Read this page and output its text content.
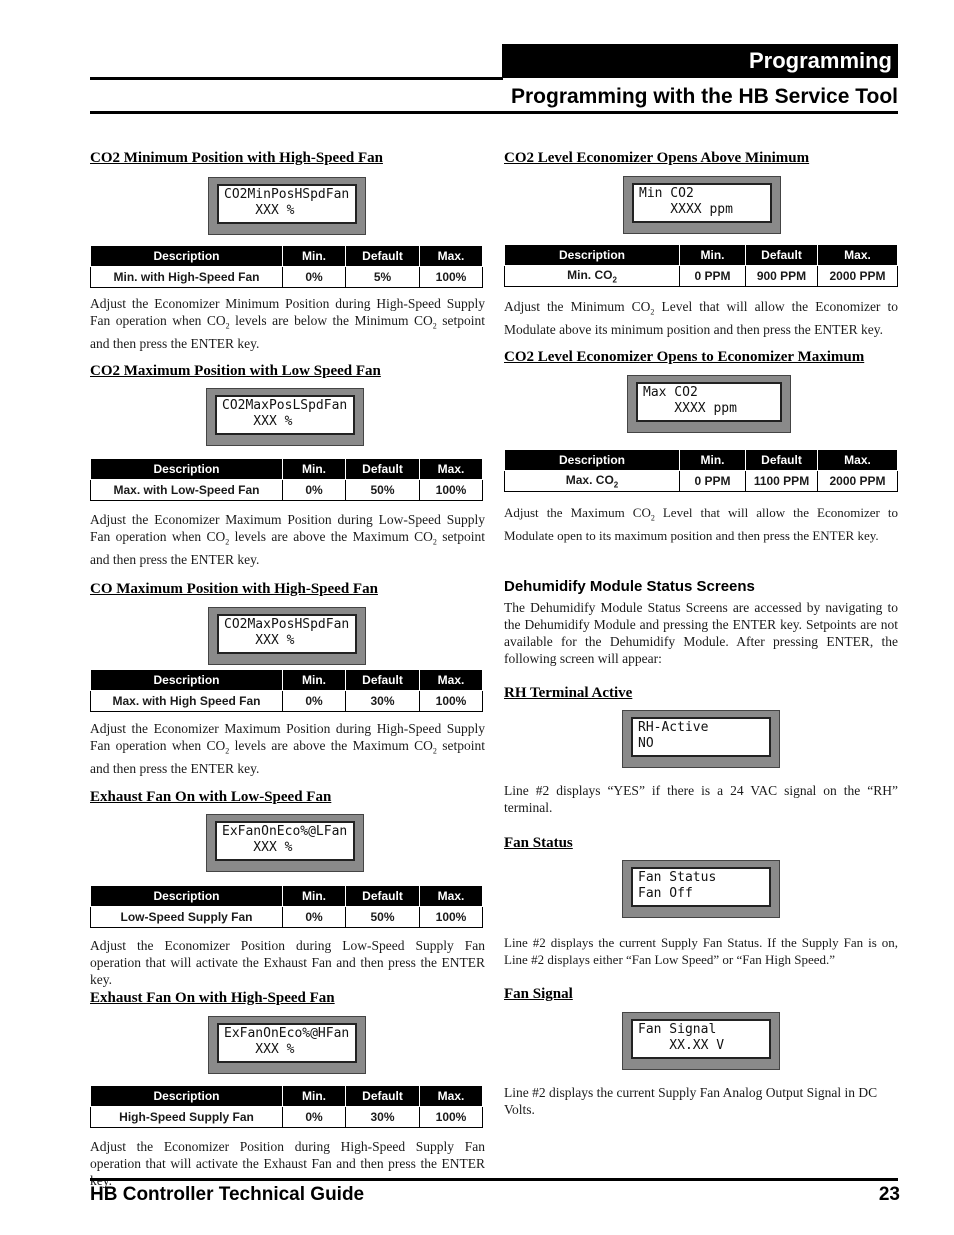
Programming
Programming with the HB Service Tool
CO2 Minimum Position with High-Speed Fan
CO2MinPosHSpdFan
XXX %
Description	Min.	Default	Max.
Min. with High-Speed Fan	0%	5%	100%
Adjust the Economizer Minimum Position during High-Speed Supply Fan operation when $CO_2$ levels are below the Minimum $CO_2$ setpoint and then press the ENTER key.
CO2 Maximum Position with Low Speed Fan
CO2MaxPosLSpdFan
XXX %
Description	Min.	Default	Max.
Max. with Low-Speed Fan	0%	50%	100%
Adjust the Economizer Maximum Position during Low-Speed Supply Fan operation when $CO_2$ levels are above the Maximum $CO_2$ setpoint and then press the ENTER key.
CO Maximum Position with High-Speed Fan
CO2MaxPosHSpdFan
XXX %
Description	Min.	Default	Max.
Max. with High Speed Fan	0%	30%	100%
Adjust the Economizer Maximum Position during High-Speed Supply Fan operation when $CO_2$ levels are above the Maximum $CO_2$ setpoint and then press the ENTER key.
Exhaust Fan On with Low-Speed Fan
ExFanOnEco%@LFan
XXX %
Description	Min.	Default	Max.
Low-Speed Supply Fan	0%	50%	100%
Adjust the Economizer Position during Low-Speed Supply Fan operation that will activate the Exhaust Fan and then press the ENTER key.
Exhaust Fan On with High-Speed Fan
ExFanOnEco%@HFan
XXX %
Description	Min.	Default	Max.
High-Speed Supply Fan	0%	30%	100%
Adjust the Economizer Position during High-Speed Supply Fan operation that will activate the Exhaust Fan and then press the ENTER
CO2 Level Economizer Opens Above Minimum
Min CO2
XXXX ppm
Description	Min.	Default	Max.
Min. $CO_2$	0 PPM	900 PPM	2000 PPM
Adjust the Minimum $CO_2$ Level that will allow the Economizer to Modulate above its minimum position and then press the ENTER key.
CO2 Level Economizer Opens to Economizer Maximum
Max CO2
XXXX ppm
Description	Min.	Default	Max.
Max. $CO_2$	0 PPM	1100 PPM	2000 PPM
Adjust the Maximum $CO_2$ Level that will allow the Economizer to Modulate open to its maximum position and then press the ENTER key.
Dehumidify Module Status Screens
The Dehumidify Module Status Screens are accessed by navigating to the Dehumidify Module and pressing the ENTER key. Setpoints are not available for the Dehumidify Module. After pressing ENTER, the following screen will appear:
RH Terminal Active
RH-Active
NO
Line #2 displays “YES” if there is a 24 VAC signal on the “RH” terminal.
Fan Status
Fan Status
Fan Off
Line #2 displays the current Supply Fan Status. If the Supply Fan is on, Line #2 displays either “Fan Low Speed” or “Fan High Speed.”
Fan Signal
Fan Signal
XX.XX V
Line #2 displays the current Supply Fan Analog Output Signal in DC Volts.
HB Controller Technical Guide	23
